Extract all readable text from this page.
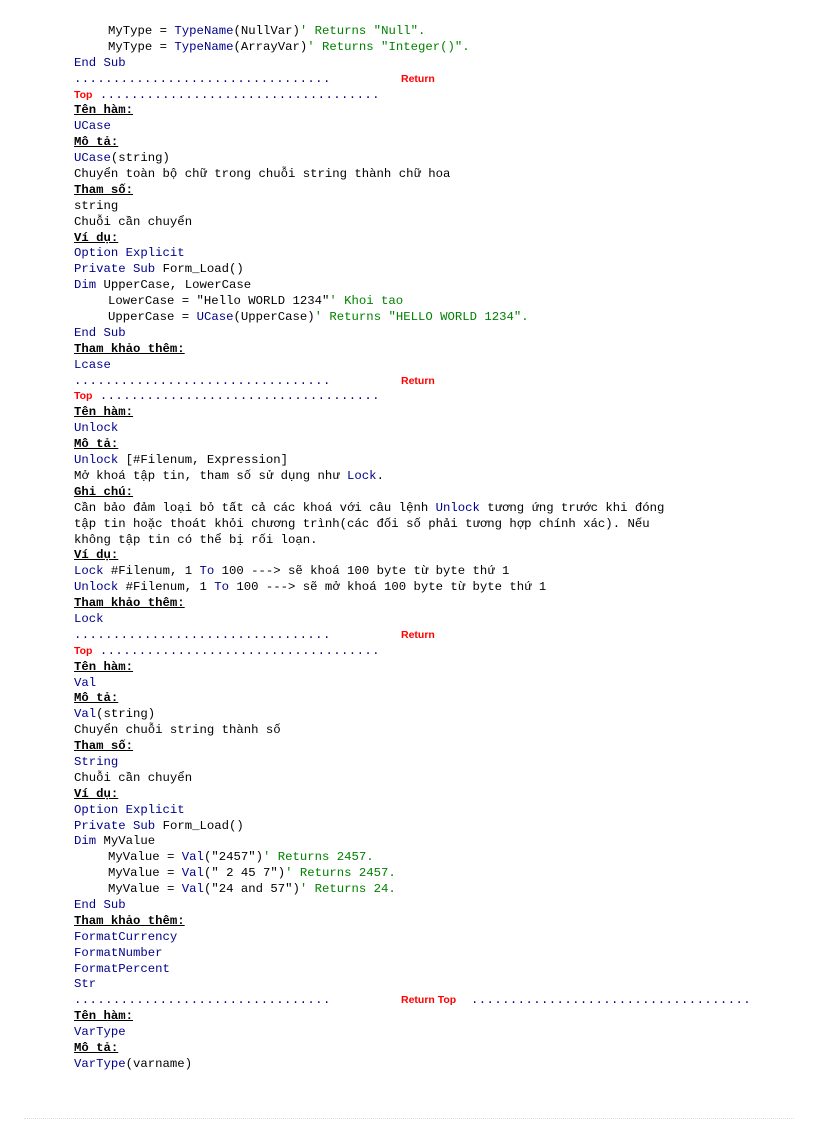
MyType = TypeName(NullVar)' Returns "Null".
MyType = TypeName(ArrayVar)' Returns "Integer()".
End Sub
.................................	Return
Top ....................................
Tên hàm:
UCase
Mô tả:
UCase(string)
Chuyển toàn bộ chữ trong chuỗi string thành chữ hoa
Tham số:
string
Chuỗi cần chuyển
Ví dụ:
Option Explicit
Private Sub Form_Load()
Dim UpperCase, LowerCase
LowerCase = "Hello WORLD 1234"' Khoi tao
UpperCase = UCase(UpperCase)' Returns "HELLO WORLD 1234".
End Sub
Tham khảo thêm:
Lcase
.................................	Return
Top ....................................
Tên hàm:
Unlock
Mô tả:
Unlock [#Filenum, Expression]
Mở khoá tập tin, tham số sử dụng như Lock.
Ghi chú:
Cần bảo đảm loại bỏ tất cả các khoá với câu lệnh Unlock tương ứng trước khi đóng
tập tin hoặc thoát khỏi chương trình(các đối số phải tương hợp chính xác). Nếu
không tập tin có thể bị rối loạn.
Ví dụ:
Lock #Filenum, 1 To 100 ---> sẽ khoá 100 byte từ byte thứ 1
Unlock #Filenum, 1 To 100 ---> sẽ mở khoá 100 byte từ byte thứ 1
Tham khảo thêm:
Lock
.................................	Return
Top ....................................
Tên hàm:
Val
Mô tả:
Val(string)
Chuyển chuỗi string thành số
Tham số:
String
Chuỗi cần chuyển
Ví dụ:
Option Explicit
Private Sub Form_Load()
Dim MyValue
MyValue = Val("2457")' Returns 2457.
MyValue = Val(" 2 45 7")' Returns 2457.
MyValue = Val("24 and 57")' Returns 24.
End Sub
Tham khảo thêm:
FormatCurrency
FormatNumber
FormatPercent
Str
.................................	Return Top ....................................
Tên hàm:
VarType
Mô tả:
VarType(varname)
